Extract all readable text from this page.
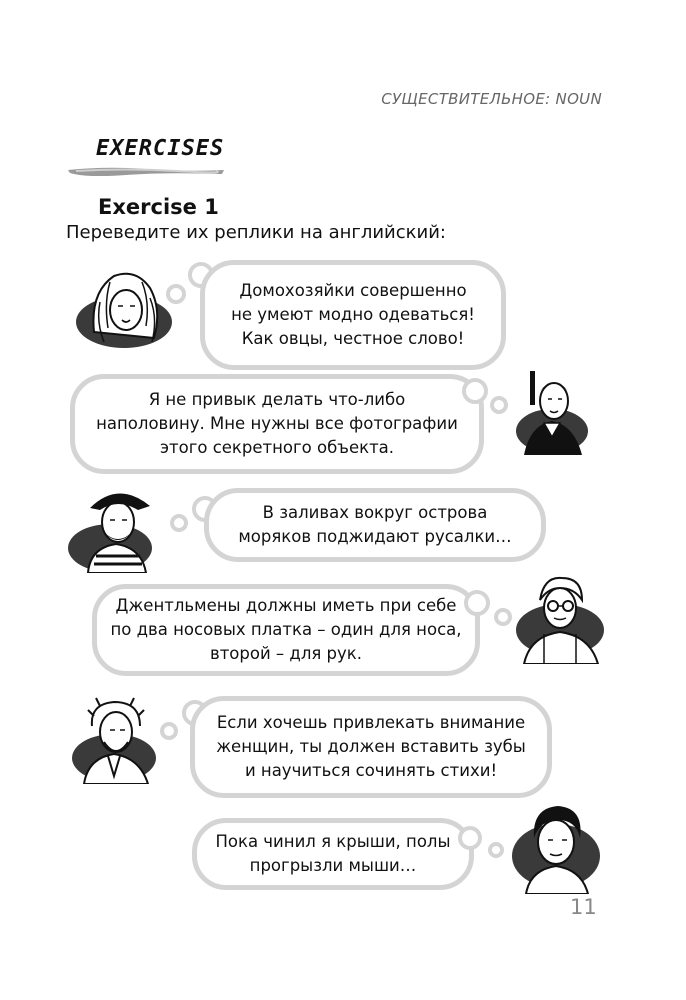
СУЩЕСТВИТЕЛЬНОЕ: NOUN
EXERCISES
Exercise 1
Переведите их реплики на английский:
Домохозяйки совершенно
не умеют модно одеваться!
Как овцы, честное слово!
Я не привык делать что-либо
наполовину. Мне нужны все фотографии
этого секретного объекта.
В заливах вокруг острова
моряков поджидают русалки…
Джентльмены должны иметь при себе
по два носовых платка – один для носа,
второй – для рук.
Если хочешь привлекать внимание
женщин, ты должен вставить зубы
и научиться сочинять стихи!
Пока чинил я крыши, полы
прогрызли мыши…
11
